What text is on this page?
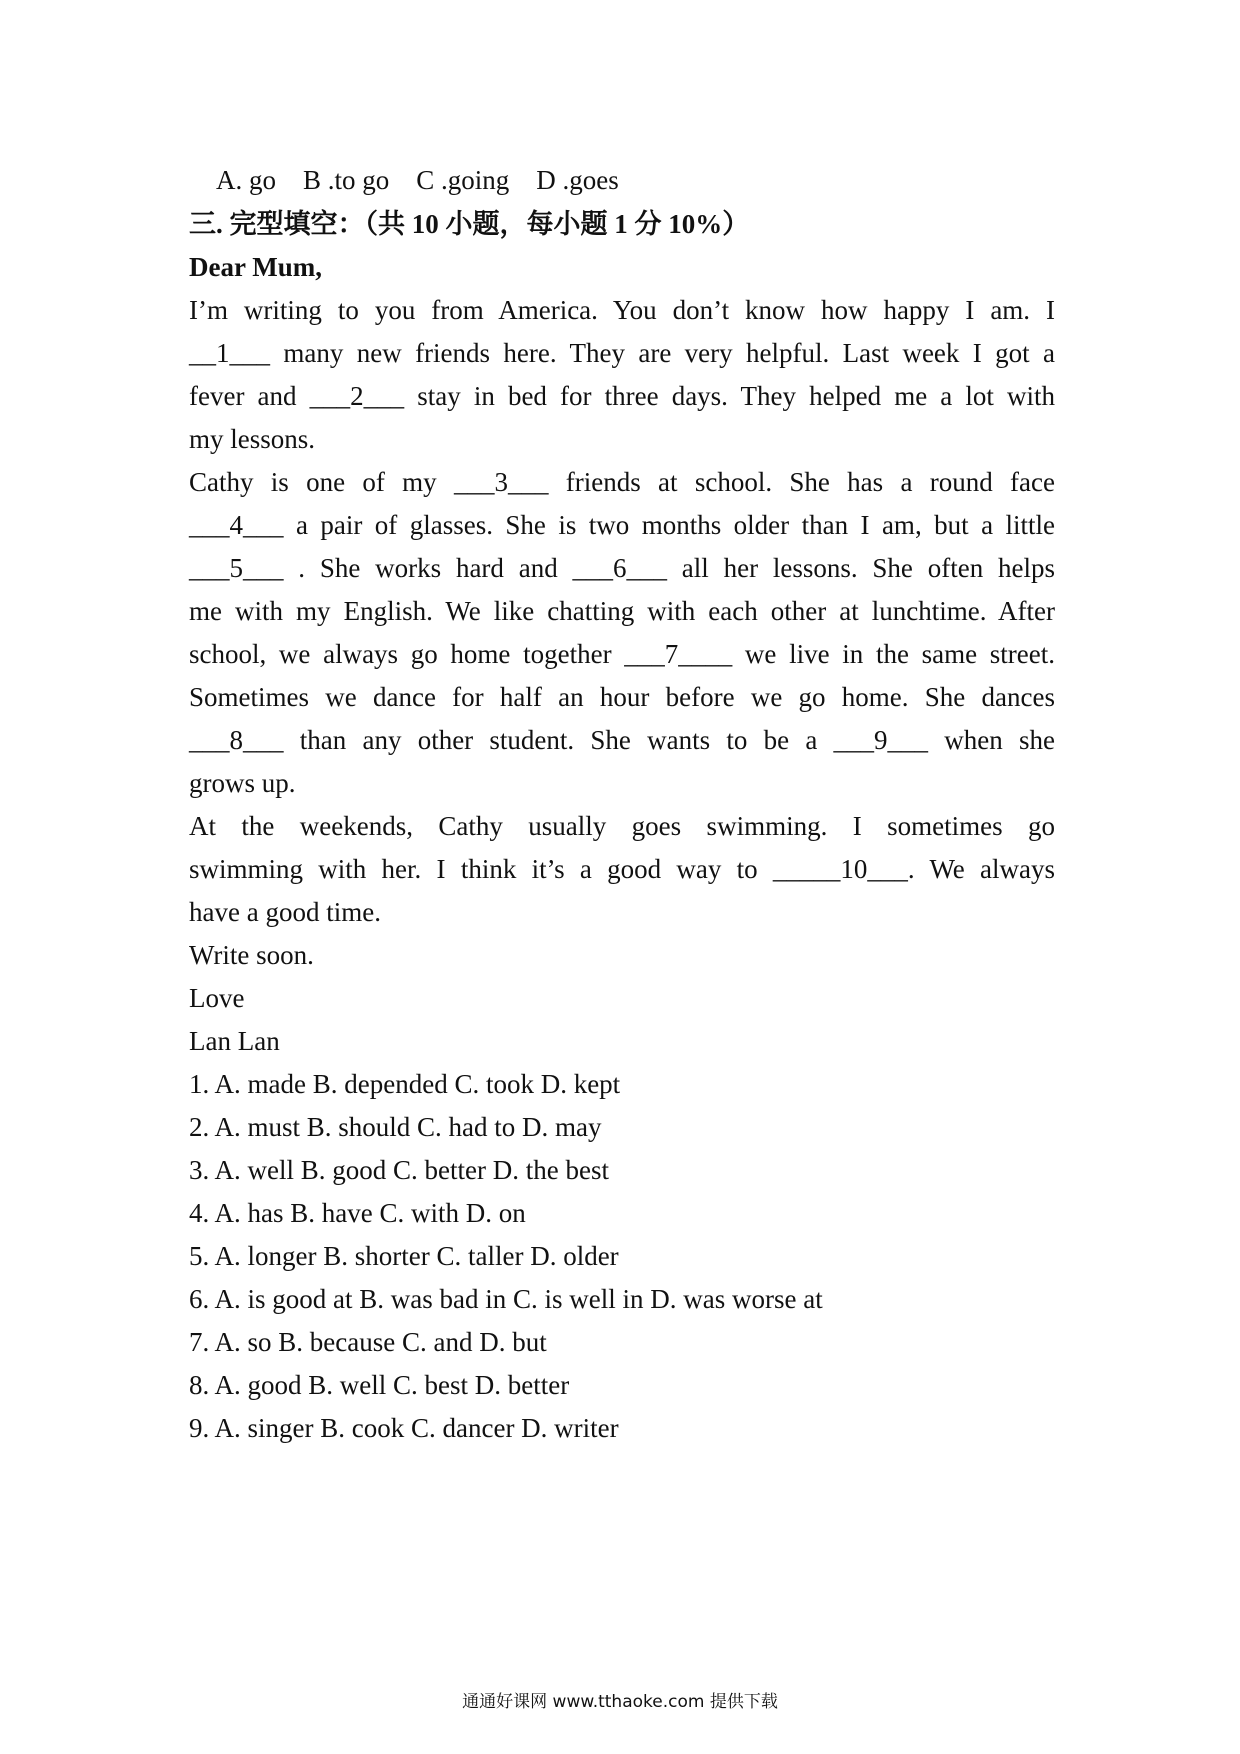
A. go    B .to go    C .going    D .goes
三. 完型填空：（共 10 小题，每小题 1 分 10%）
Dear Mum,
I’m writing to you from America. You don’t know how happy I am. I
__1___ many new friends here. They are very helpful. Last week I got a
fever and ___2___ stay in bed for three days. They helped me a lot with
my lessons.
Cathy is one of my ___3___ friends at school. She has a round face
___4___ a pair of glasses. She is two months older than I am, but a little
___5___ . She works hard and ___6___ all her lessons. She often helps
me with my English. We like chatting with each other at lunchtime. After
school, we always go home together ___7____ we live in the same street.
Sometimes we dance for half an hour before we go home. She dances
___8___ than any other student. She wants to be a ___9___ when she
grows up.
At the weekends, Cathy usually goes swimming. I sometimes go
swimming with her. I think it’s a good way to _____10___. We always
have a good time.
Write soon.
Love
Lan Lan
1. A. made B. depended C. took D. kept
2. A. must B. should C. had to D. may
3. A. well B. good C. better D. the best
4. A. has B. have C. with D. on
5. A. longer B. shorter C. taller D. older
6. A. is good at B. was bad in C. is well in D. was worse at
7. A. so B. because C. and D. but
8. A. good B. well C. best D. better
9. A. singer B. cook C. dancer D. writer
通通好课网 www.tthaoke.com 提供下载
